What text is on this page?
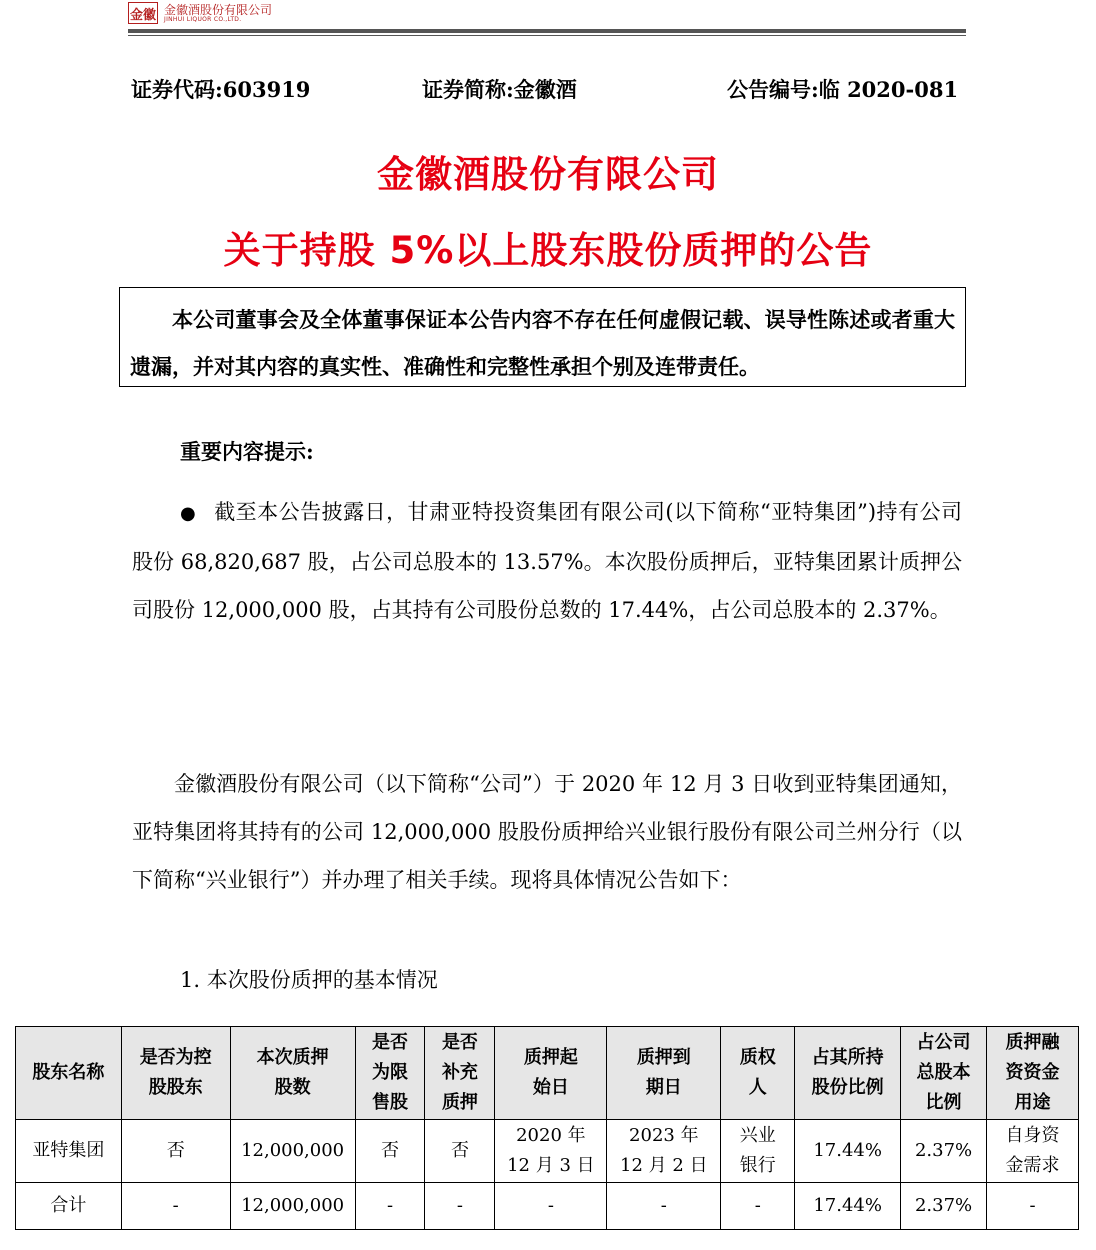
金徽 金徽酒股份有限公司
JINHUI LIQUOR CO.,LTD.
证券代码:603919	证券简称:金徽酒	公告编号:临 2020-081
金徽酒股份有限公司
关于持股 5%以上股东股份质押的公告

本公司董事会及全体董事保证本公告内容不存在任何虚假记载、误导性陈述或者重大遗漏，并对其内容的真实性、准确性和完整性承担个别及连带责任。

重要内容提示:

● 截至本公告披露日，甘肃亚特投资集团有限公司(以下简称“亚特集团”)持有公司股份 68,820,687 股，占公司总股本的 13.57%。本次股份质押后，亚特集团累计质押公司股份 12,000,000 股，占其持有公司股份总数的 17.44%，占公司总股本的 2.37%。

金徽酒股份有限公司（以下简称“公司”）于 2020 年 12 月 3 日收到亚特集团通知，亚特集团将其持有的公司 12,000,000 股股份质押给兴业银行股份有限公司兰州分行（以下简称“兴业银行”）并办理了相关手续。现将具体情况公告如下：

1. 本次股份质押的基本情况
股东名称	是否为控股股东	本次质押股数	是否为限售股	是否补充质押	质押起始日	质押到期日	质权人	占其所持股份比例	占公司总股本比例	质押融资资金用途

亚特集团	否	12,000,000	否	否	2020 年 12 月 3 日	2023 年 12 月 2 日	兴业银行	17.44%	2.37%	自身资金需求

合计	-	12,000,000	-	-	-	-	-	17.44%	2.37%	-
